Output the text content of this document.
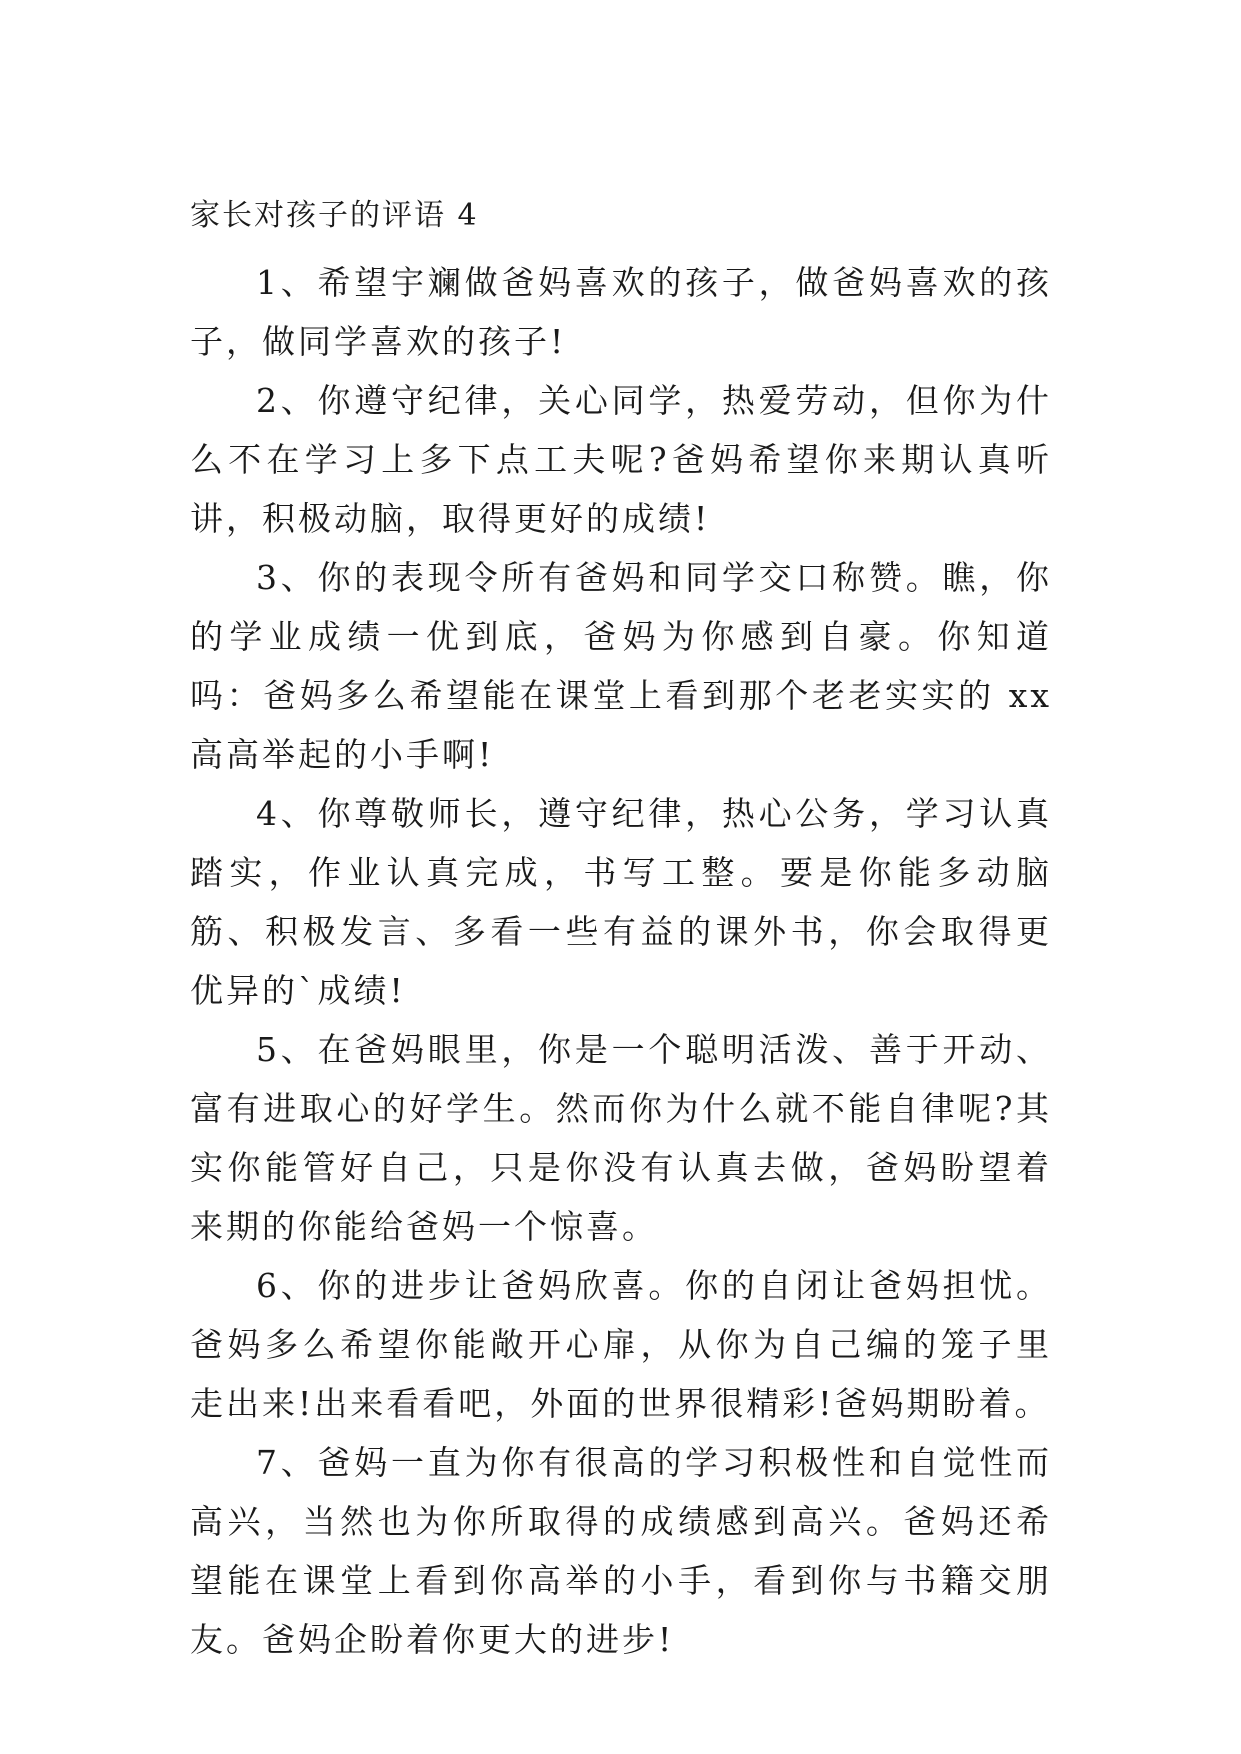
家长对孩子的评语 4

1、希望宇斓做爸妈喜欢的孩子，做爸妈喜欢的孩子，做同学喜欢的孩子!

2、你遵守纪律，关心同学，热爱劳动，但你为什么不在学习上多下点工夫呢?爸妈希望你来期认真听讲，积极动脑，取得更好的成绩!

3、你的表现令所有爸妈和同学交口称赞。瞧，你的学业成绩一优到底，爸妈为你感到自豪。你知道吗：爸妈多么希望能在课堂上看到那个老老实实的 xx 高高举起的小手啊!

4、你尊敬师长，遵守纪律，热心公务，学习认真踏实，作业认真完成，书写工整。要是你能多动脑筋、积极发言、多看一些有益的课外书，你会取得更优异的`成绩!

5、在爸妈眼里，你是一个聪明活泼、善于开动、富有进取心的好学生。然而你为什么就不能自律呢?其实你能管好自己，只是你没有认真去做，爸妈盼望着来期的你能给爸妈一个惊喜。

6、你的进步让爸妈欣喜。你的自闭让爸妈担忧。爸妈多么希望你能敞开心扉，从你为自己编的笼子里走出来!出来看看吧，外面的世界很精彩!爸妈期盼着。

7、爸妈一直为你有很高的学习积极性和自觉性而高兴，当然也为你所取得的成绩感到高兴。爸妈还希望能在课堂上看到你高举的小手，看到你与书籍交朋友。爸妈企盼着你更大的进步!
